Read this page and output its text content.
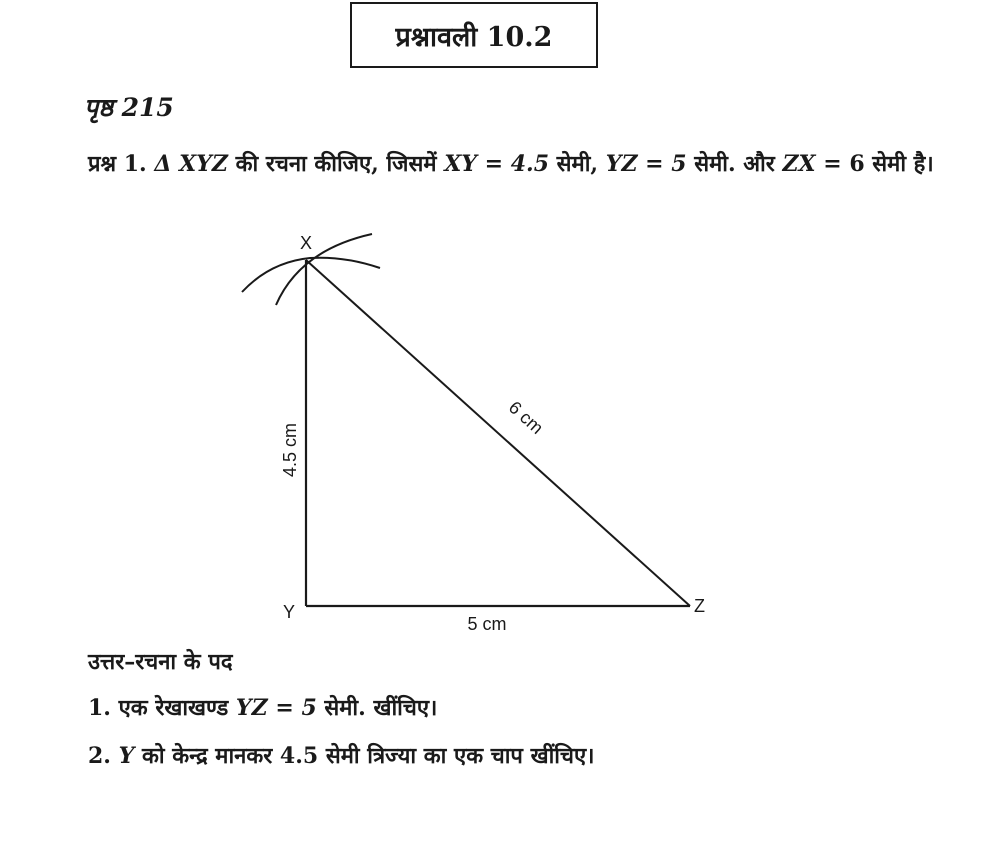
प्रश्नावली 10.2
पृष्ठ 215
प्रश्न 1. Δ XYZ की रचना कीजिए, जिसमें XY = 4.5 सेमी, YZ = 5 सेमी. और ZX = 6 सेमी है।
X
Y	Z
4.5 cm
5 cm
6 cm
उत्तर–रचना के पद
1. एक रेखाखण्ड YZ = 5 सेमी. खींचिए।
2. Y को केन्द्र मानकर 4.5 सेमी त्रिज्या का एक चाप खींचिए।
